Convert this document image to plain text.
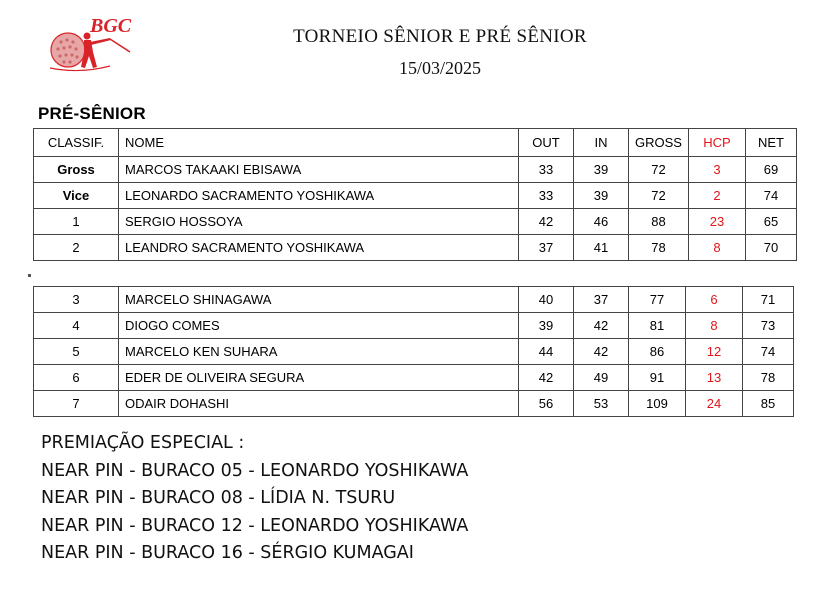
BGC	TORNEIO SÊNIOR E PRÉ SÊNIOR
15/03/2025
PRÉ-SÊNIOR
CLASSIF.	NOME	OUT	IN	GROSS	HCP	NET
Gross	MARCOS TAKAAKI EBISAWA	33	39	72	3	69
Vice	LEONARDO SACRAMENTO YOSHIKAWA	33	39	72	2	74
1	SERGIO HOSSOYA	42	46	88	23	65
2	LEANDRO SACRAMENTO YOSHIKAWA	37	41	78	8	70
3	MARCELO SHINAGAWA	40	37	77	6	71
4	DIOGO COMES	39	42	81	8	73
5	MARCELO KEN SUHARA	44	42	86	12	74
6	EDER DE OLIVEIRA SEGURA	42	49	91	13	78
7	ODAIR DOHASHI	56	53	109	24	85
PREMIAÇÃO ESPECIAL :
NEAR PIN - BURACO 05 - LEONARDO YOSHIKAWA
NEAR PIN - BURACO 08 - LÍDIA N. TSURU
NEAR PIN - BURACO 12 - LEONARDO YOSHIKAWA
NEAR PIN - BURACO 16 - SÉRGIO KUMAGAI
